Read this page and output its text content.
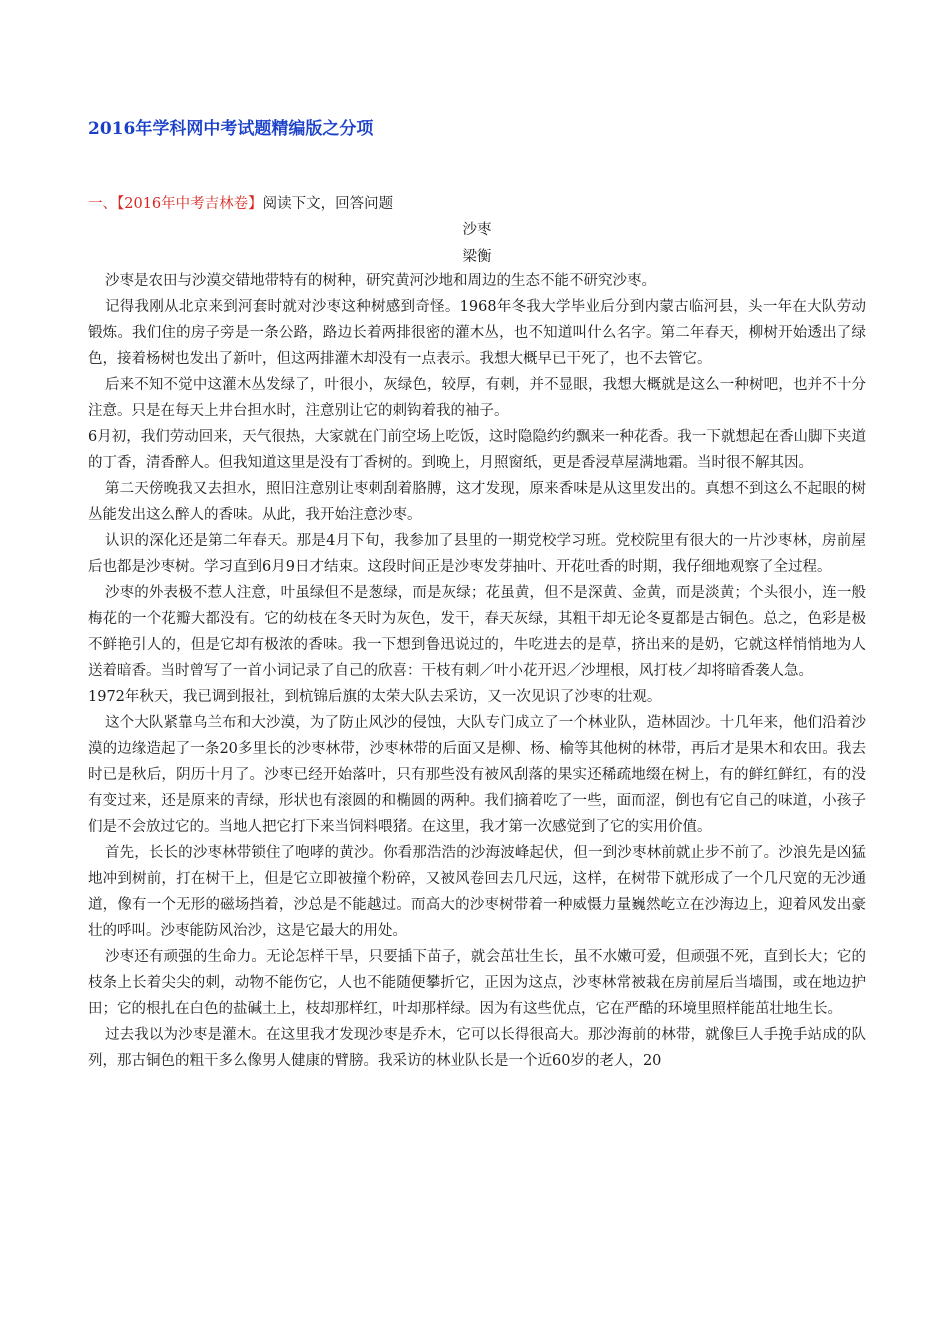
2016年学科网中考试题精编版之分项
一、【2016年中考吉林卷】阅读下文，回答问题
沙枣
梁衡

沙枣是农田与沙漠交错地带特有的树种，研究黄河沙地和周边的生态不能不研究沙枣。

记得我刚从北京来到河套时就对沙枣这种树感到奇怪。1968年冬我大学毕业后分到内蒙古临河县，头一年在大队劳动锻炼。我们住的房子旁是一条公路，路边长着两排很密的灌木丛，也不知道叫什么名字。第二年春天，柳树开始透出了绿色，接着杨树也发出了新叶，但这两排灌木却没有一点表示。我想大概早已干死了，也不去管它。

后来不知不觉中这灌木丛发绿了，叶很小，灰绿色，较厚，有刺，并不显眼，我想大概就是这么一种树吧，也并不十分注意。只是在每天上井台担水时，注意别让它的刺钩着我的袖子。

6月初，我们劳动回来，天气很热，大家就在门前空场上吃饭，这时隐隐约约飘来一种花香。我一下就想起在香山脚下夹道的丁香，清香醉人。但我知道这里是没有丁香树的。到晚上，月照窗纸，更是香浸草屋满地霜。当时很不解其因。

第二天傍晚我又去担水，照旧注意别让枣刺刮着胳膊，这才发现，原来香味是从这里发出的。真想不到这么不起眼的树丛能发出这么醉人的香味。从此，我开始注意沙枣。

认识的深化还是第二年春天。那是4月下旬，我参加了县里的一期党校学习班。党校院里有很大的一片沙枣林，房前屋后也都是沙枣树。学习直到6月9日才结束。这段时间正是沙枣发芽抽叶、开花吐香的时期，我仔细地观察了全过程。

沙枣的外表极不惹人注意，叶虽绿但不是葱绿，而是灰绿；花虽黄，但不是深黄、金黄，而是淡黄；个头很小，连一般梅花的一个花瓣大都没有。它的幼枝在冬天时为灰色，发干，春天灰绿，其粗干却无论冬夏都是古铜色。总之，色彩是极不鲜艳引人的，但是它却有极浓的香味。我一下想到鲁迅说过的，牛吃进去的是草，挤出来的是奶，它就这样悄悄地为人送着暗香。当时曾写了一首小词记录了自己的欣喜：干枝有刺／叶小花开迟／沙埋根，风打枝／却将暗香袭人急。

1972年秋天，我已调到报社，到杭锦后旗的太荣大队去采访，又一次见识了沙枣的壮观。

这个大队紧靠乌兰布和大沙漠，为了防止风沙的侵蚀，大队专门成立了一个林业队，造林固沙。十几年来，他们沿着沙漠的边缘造起了一条20多里长的沙枣林带，沙枣林带的后面又是柳、杨、榆等其他树的林带，再后才是果木和农田。我去时已是秋后，阴历十月了。沙枣已经开始落叶，只有那些没有被风刮落的果实还稀疏地缀在树上，有的鲜红鲜红，有的没有变过来，还是原来的青绿，形状也有滚圆的和椭圆的两种。我们摘着吃了一些，面而涩，倒也有它自己的味道，小孩子们是不会放过它的。当地人把它打下来当饲料喂猪。在这里，我才第一次感觉到了它的实用价值。

首先，长长的沙枣林带锁住了咆哮的黄沙。你看那浩浩的沙海波峰起伏，但一到沙枣林前就止步不前了。沙浪先是凶猛地冲到树前，打在树干上，但是它立即被撞个粉碎，又被风卷回去几尺远，这样，在树带下就形成了一个几尺宽的无沙通道，像有一个无形的磁场挡着，沙总是不能越过。而高大的沙枣树带着一种威慑力量巍然屹立在沙海边上，迎着风发出豪壮的呼叫。沙枣能防风治沙，这是它最大的用处。

沙枣还有顽强的生命力。无论怎样干旱，只要插下苗子，就会茁壮生长，虽不水嫩可爱，但顽强不死，直到长大；它的枝条上长着尖尖的刺，动物不能伤它，人也不能随便攀折它，正因为这点，沙枣林常被栽在房前屋后当墙围，或在地边护田；它的根扎在白色的盐碱土上，枝却那样红，叶却那样绿。因为有这些优点，它在严酷的环境里照样能茁壮地生长。

过去我以为沙枣是灌木。在这里我才发现沙枣是乔木，它可以长得很高大。那沙海前的林带，就像巨人手挽手站成的队列，那古铜色的粗干多么像男人健康的臂膀。我采访的林业队长是一个近60岁的老人，20
